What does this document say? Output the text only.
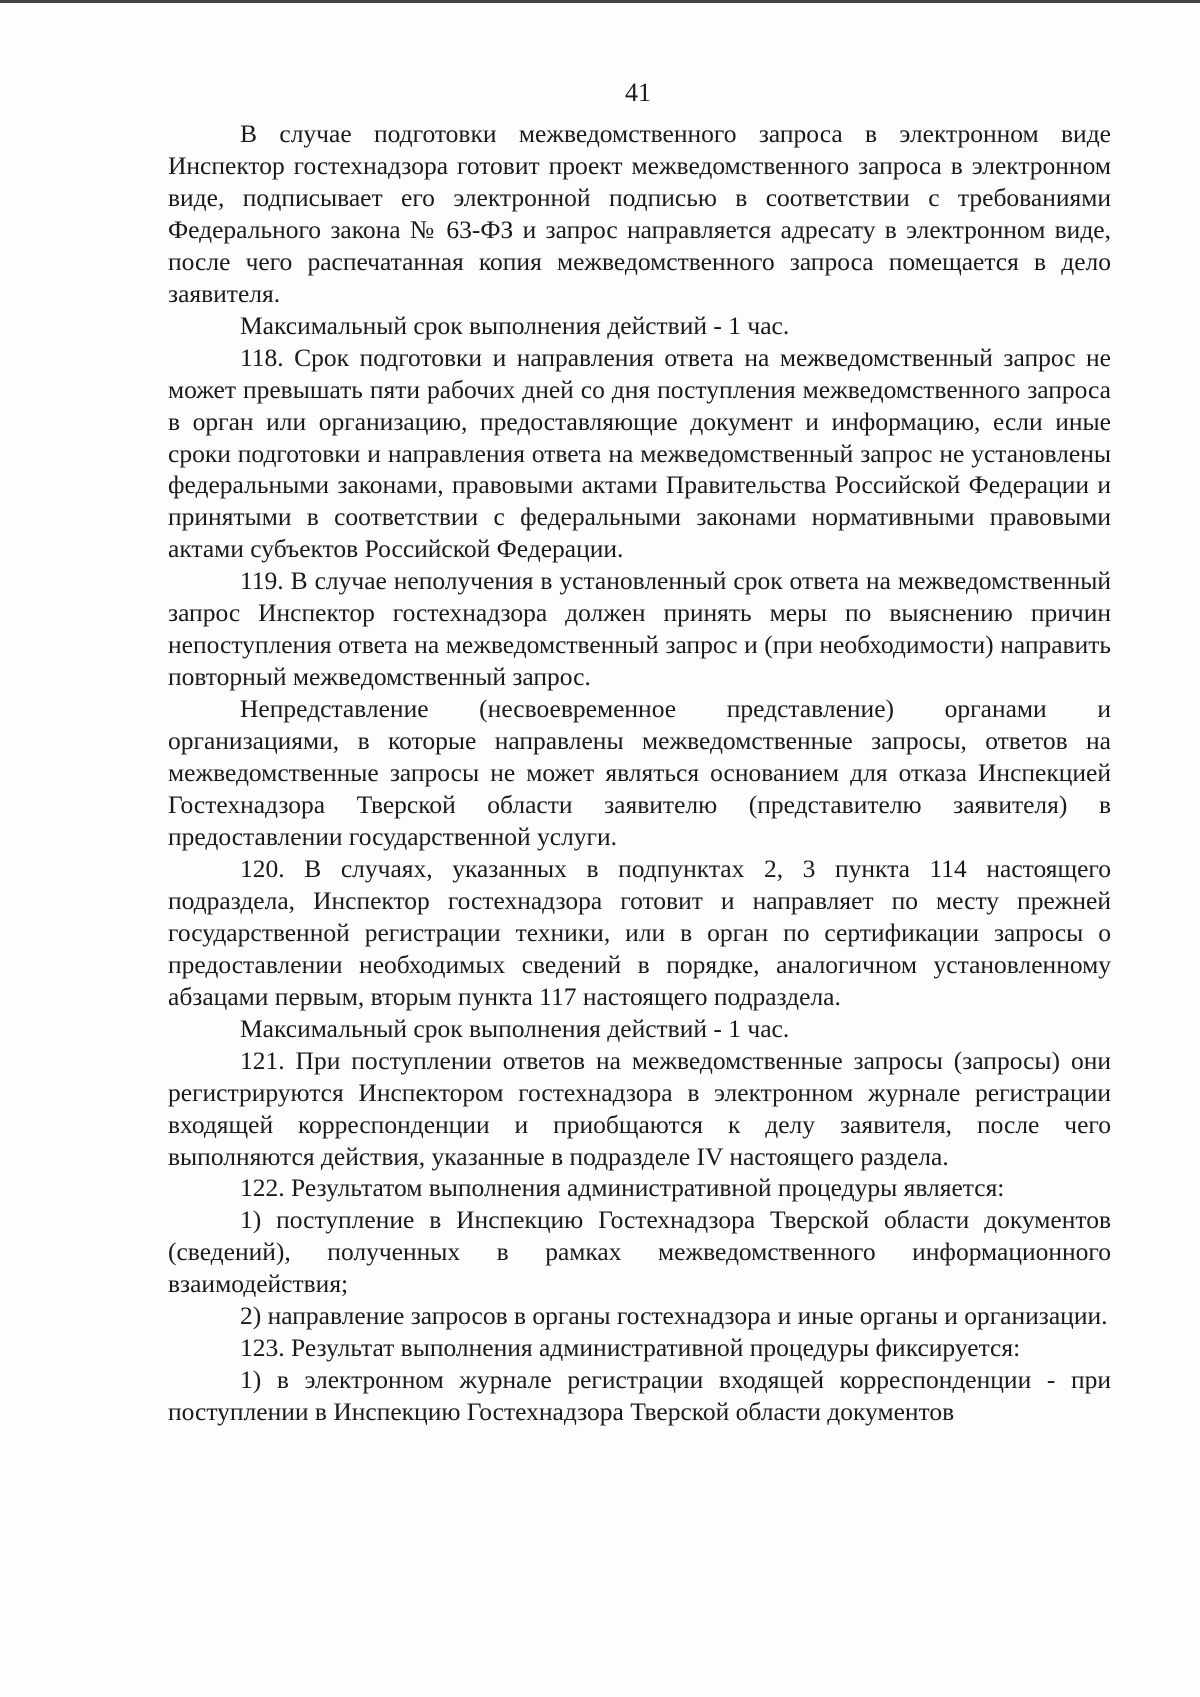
41

В случае подготовки межведомственного запроса в электронном виде Инспектор гостехнадзора готовит проект межведомственного запроса в электронном виде, подписывает его электронной подписью в соответствии с требованиями Федерального закона № 63-ФЗ и запрос направляется адресату в электронном виде, после чего распечатанная копия межведомственного запроса помещается в дело заявителя.

Максимальный срок выполнения действий - 1 час.

118. Срок подготовки и направления ответа на межведомственный запрос не может превышать пяти рабочих дней со дня поступления межведомственного запроса в орган или организацию, предоставляющие документ и информацию, если иные сроки подготовки и направления ответа на межведомственный запрос не установлены федеральными законами, правовыми актами Правительства Российской Федерации и принятыми в соответствии с федеральными законами нормативными правовыми актами субъектов Российской Федерации.

119. В случае неполучения в установленный срок ответа на межведомственный запрос Инспектор гостехнадзора должен принять меры по выяснению причин непоступления ответа на межведомственный запрос и (при необходимости) направить повторный межведомственный запрос.

Непредставление (несвоевременное представление) органами и организациями, в которые направлены межведомственные запросы, ответов на межведомственные запросы не может являться основанием для отказа Инспекцией Гостехнадзора Тверской области заявителю (представителю заявителя) в предоставлении государственной услуги.

120. В случаях, указанных в подпунктах 2, 3 пункта 114 настоящего подраздела, Инспектор гостехнадзора готовит и направляет по месту прежней государственной регистрации техники, или в орган по сертификации запросы о предоставлении необходимых сведений в порядке, аналогичном установленному абзацами первым, вторым пункта 117 настоящего подраздела.

Максимальный срок выполнения действий - 1 час.

121. При поступлении ответов на межведомственные запросы (запросы) они регистрируются Инспектором гостехнадзора в электронном журнале регистрации входящей корреспонденции и приобщаются к делу заявителя, после чего выполняются действия, указанные в подразделе IV настоящего раздела.

122. Результатом выполнения административной процедуры является:

1) поступление в Инспекцию Гостехнадзора Тверской области документов (сведений), полученных в рамках межведомственного информационного взаимодействия;

2) направление запросов в органы гостехнадзора и иные органы и организации.

123. Результат выполнения административной процедуры фиксируется:

1) в электронном журнале регистрации входящей корреспонденции - при поступлении в Инспекцию Гостехнадзора Тверской области документов
